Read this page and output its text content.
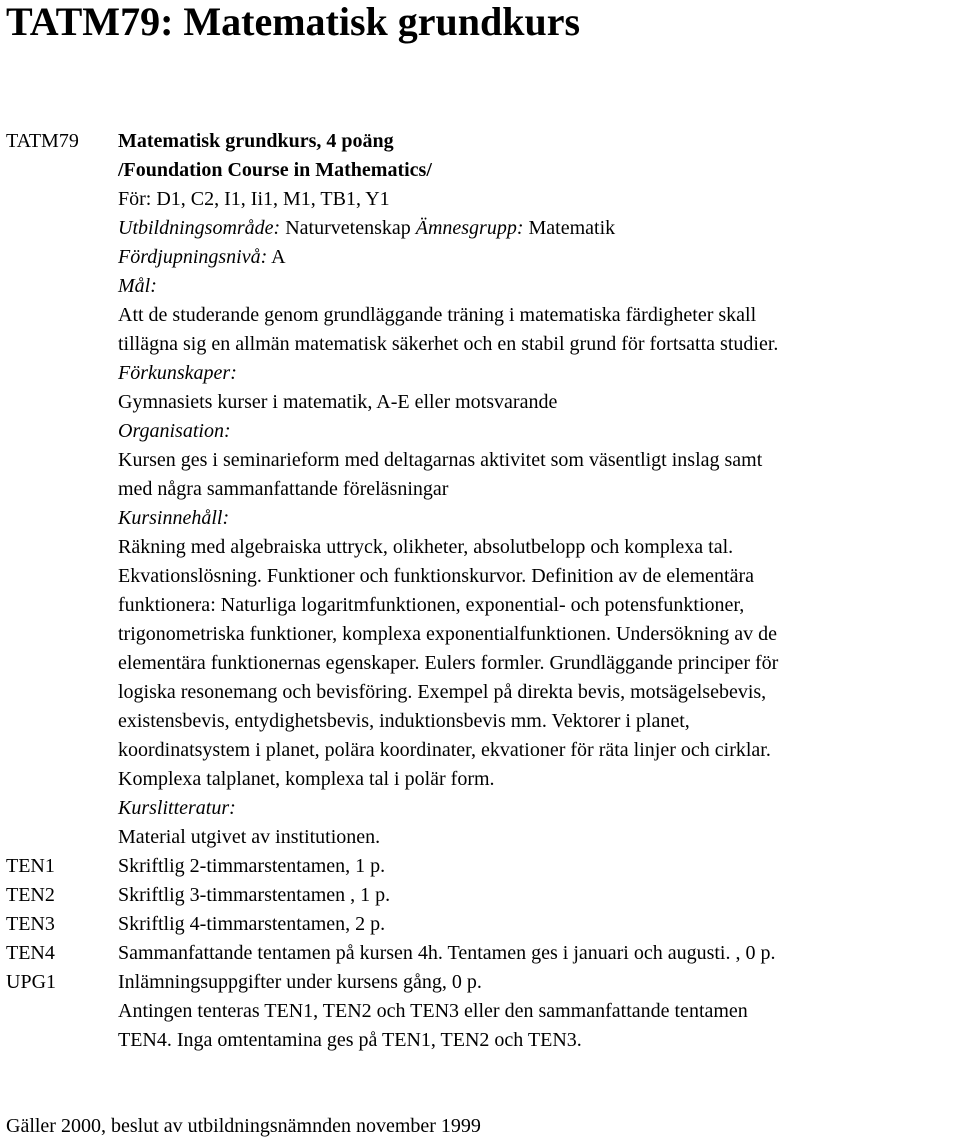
TATM79: Matematisk grundkurs
TATM79	Matematisk grundkurs, 4 poäng
/Foundation Course in Mathematics/
För: D1, C2, I1, Ii1, M1, TB1, Y1
Utbildningsområde: Naturvetenskap Ämnesgrupp: Matematik
Fördjupningsnivå: A
Mål:
Att de studerande genom grundläggande träning i matematiska färdigheter skall
tillägna sig en allmän matematisk säkerhet och en stabil grund för fortsatta studier.
Förkunskaper:
Gymnasiets kurser i matematik, A-E eller motsvarande
Organisation:
Kursen ges i seminarieform med deltagarnas aktivitet som väsentligt inslag samt
med några sammanfattande föreläsningar
Kursinnehåll:
Räkning med algebraiska uttryck, olikheter, absolutbelopp och komplexa tal.
Ekvationslösning. Funktioner och funktionskurvor. Definition av de elementära
funktionera: Naturliga logaritmfunktionen, exponential- och potensfunktioner,
trigonometriska funktioner, komplexa exponentialfunktionen. Undersökning av de
elementära funktionernas egenskaper. Eulers formler. Grundläggande principer för
logiska resonemang och bevisföring. Exempel på direkta bevis, motsägelsebevis,
existensbevis, entydighetsbevis, induktionsbevis mm. Vektorer i planet,
koordinatsystem i planet, polära koordinater, ekvationer för räta linjer och cirklar.
Komplexa talplanet, komplexa tal i polär form.
Kurslitteratur:
Material utgivet av institutionen.
TEN1	Skriftlig 2-timmarstentamen, 1 p.
TEN2	Skriftlig 3-timmarstentamen , 1 p.
TEN3	Skriftlig 4-timmarstentamen, 2 p.
TEN4	Sammanfattande tentamen på kursen 4h. Tentamen ges i januari och augusti. , 0 p.
UPG1	Inlämningsuppgifter under kursens gång, 0 p.
Antingen tenteras TEN1, TEN2 och TEN3 eller den sammanfattande tentamen
TEN4. Inga omtentamina ges på TEN1, TEN2 och TEN3.
Gäller 2000, beslut av utbildningsnämnden november 1999
